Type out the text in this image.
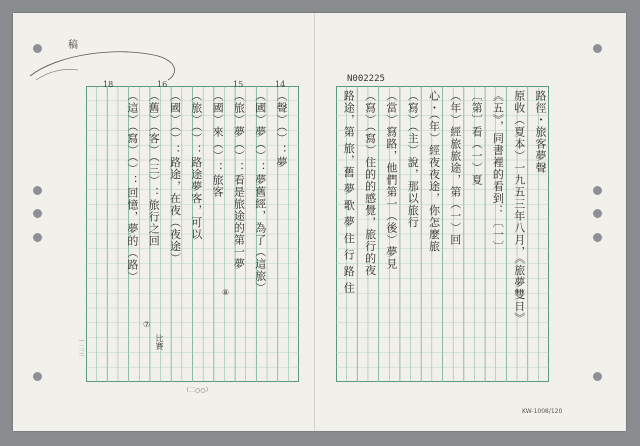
N002225
稿
18	16	15	14
KW-1008/120
（二○○）
一二三
路徑・旅客夢聲
原收（夏本）一九五三年八月，《旅夢雙日》
《五》，同書裡的看到：〔一〕
〔第〕看（一）夏
（年）經旅旅途，第（一）回
心・（年）經夜夜途，你怎麼旅
（寫）（主）說，那以旅行
（當）寫路，他們第一（後）夢見
（寫）（寫）住的的感覺，旅行的夜
路途，第 旅，舊 夢 歌 夢 住 行 路 住
（聲）（）：夢
（國）夢（）：夢舊經，為了（這旅）
（旅）夢（）：看是旅途的第一夢
（國）來（）：旅客
（旅）（）：路途夢客，可以
（國）（）：路途，在夜（夜途）
（舊）（客）（三）：旅行之回
（這）（寫）（）：回憶，夢的（路）
⑦
比賽
⑧
